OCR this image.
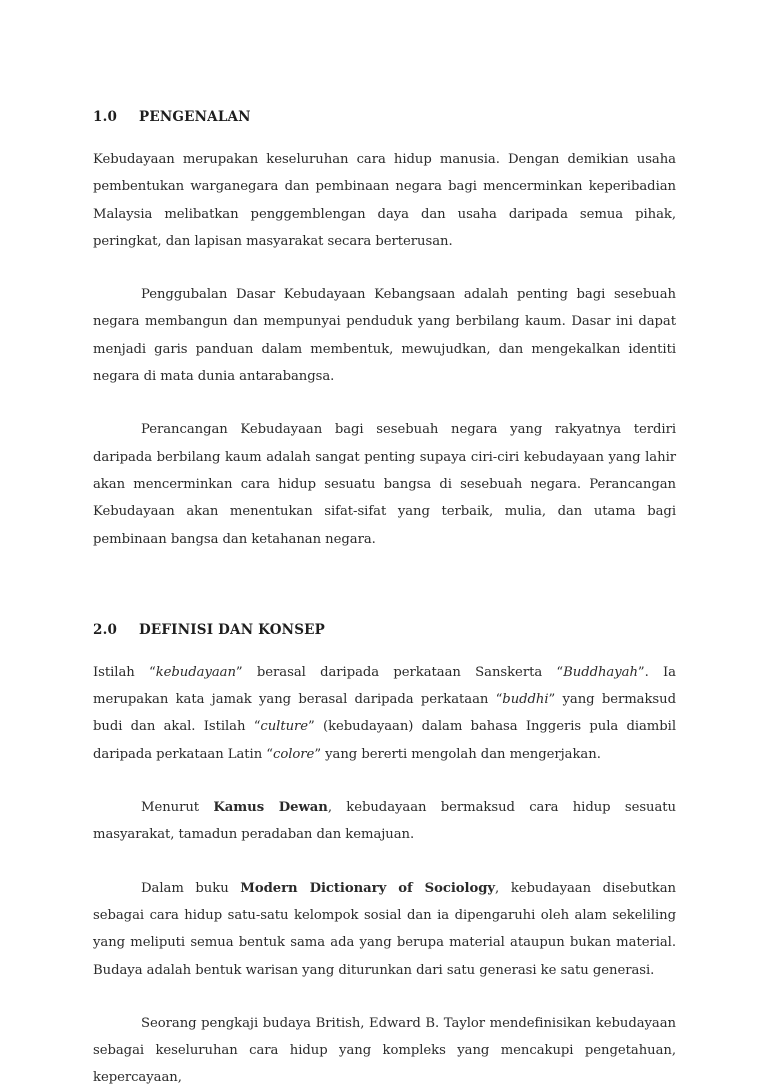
1.0	PENGENALAN

Kebudayaan merupakan keseluruhan cara hidup manusia. Dengan demikian usaha pembentukan warganegara dan pembinaan negara bagi mencerminkan keperibadian Malaysia melibatkan penggemblengan daya dan usaha daripada semua pihak, peringkat, dan lapisan masyarakat secara berterusan.

Penggubalan Dasar Kebudayaan Kebangsaan adalah penting bagi sesebuah negara membangun dan mempunyai penduduk yang berbilang kaum. Dasar ini dapat menjadi garis panduan dalam membentuk, mewujudkan, dan mengekalkan identiti negara di mata dunia antarabangsa.

Perancangan Kebudayaan bagi sesebuah negara yang rakyatnya terdiri daripada berbilang kaum adalah sangat penting supaya ciri-ciri kebudayaan yang lahir akan mencerminkan cara hidup sesuatu bangsa di sesebuah negara. Perancangan Kebudayaan akan menentukan sifat-sifat yang terbaik, mulia, dan utama bagi pembinaan bangsa dan ketahanan negara.

2.0	DEFINISI DAN KONSEP

Istilah “kebudayaan” berasal daripada perkataan Sanskerta “Buddhayah”. Ia merupakan kata jamak yang berasal daripada perkataan “buddhi” yang bermaksud budi dan akal. Istilah “culture” (kebudayaan) dalam bahasa Inggeris pula diambil daripada perkataan Latin “colore” yang bererti mengolah dan mengerjakan.

Menurut Kamus Dewan, kebudayaan bermaksud cara hidup sesuatu masyarakat, tamadun peradaban dan kemajuan.

Dalam buku Modern Dictionary of Sociology, kebudayaan disebutkan sebagai cara hidup satu-satu kelompok sosial dan ia dipengaruhi oleh alam sekeliling yang meliputi semua bentuk sama ada yang berupa material ataupun bukan material. Budaya adalah bentuk warisan yang diturunkan dari satu generasi ke satu generasi.

Seorang pengkaji budaya British, Edward B. Taylor mendefinisikan kebudayaan sebagai keseluruhan cara hidup yang kompleks yang mencakupi pengetahuan, kepercayaan,
